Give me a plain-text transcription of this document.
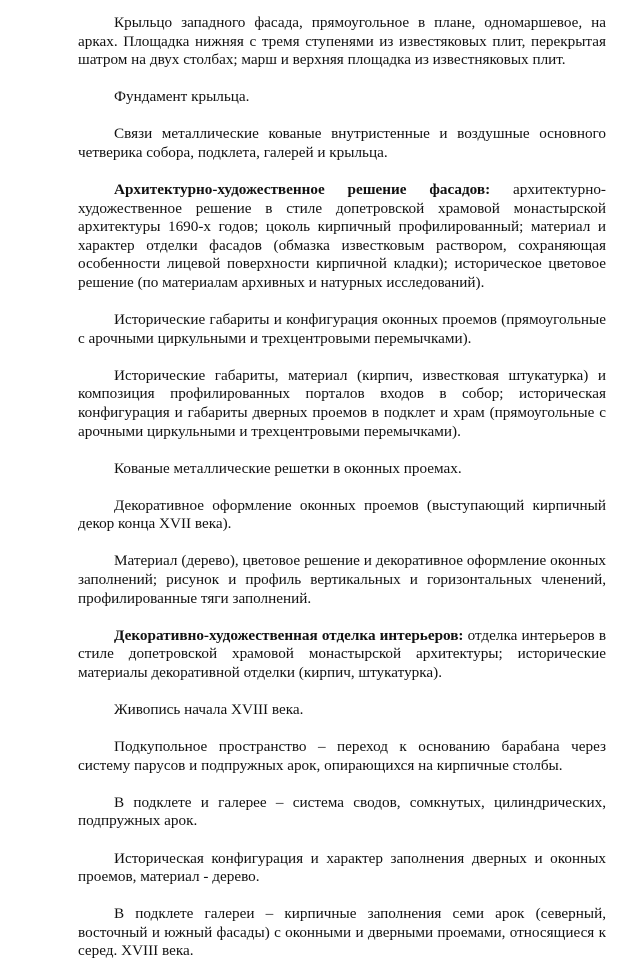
Крыльцо западного фасада, прямоугольное в плане, одномаршевое, на арках. Площадка нижняя с тремя ступенями из известяковых плит, перекрытая шатром на двух столбах; марш и верхняя площадка из известняковых плит.

Фундамент крыльца.

Связи металлические кованые внутристенные и воздушные основного четверика собора, подклета, галерей и крыльца.

Архитектурно-художественное решение фасадов: архитектурно-художественное решение в стиле допетровской храмовой монастырской архитектуры 1690-х годов; цоколь кирпичный профилированный; материал и характер отделки фасадов (обмазка известковым раствором, сохраняющая особенности лицевой поверхности кирпичной кладки); историческое цветовое решение (по материалам архивных и натурных исследований).

Исторические габариты и конфигурация оконных проемов (прямоугольные с арочными циркульными и трехцентровыми перемычками).

Исторические габариты, материал (кирпич, известковая штукатурка) и композиция профилированных порталов входов в собор; историческая конфигурация и габариты дверных проемов в подклет и храм (прямоугольные с арочными циркульными и трехцентровыми перемычками).

Кованые металлические решетки в оконных проемах.

Декоративное оформление оконных проемов (выступающий кирпичный декор конца XVII века).

Материал (дерево), цветовое решение и декоративное оформление оконных заполнений; рисунок и профиль вертикальных и горизонтальных членений, профилированные тяги заполнений.

Декоративно-художественная отделка интерьеров: отделка интерьеров в стиле допетровской храмовой монастырской архитектуры; исторические материалы декоративной отделки (кирпич, штукатурка).

Живопись начала XVIII века.

Подкупольное пространство – переход к основанию барабана через систему парусов и подпружных арок, опирающихся на кирпичные столбы.

В подклете и галерее – система сводов, сомкнутых, цилиндрических, подпружных арок.

Историческая конфигурация и характер заполнения дверных и оконных проемов, материал - дерево.

В подклете галереи – кирпичные заполнения семи арок (северный, восточный и южный фасады) с оконными и дверными проемами, относящиеся к серед. XVIII века.
